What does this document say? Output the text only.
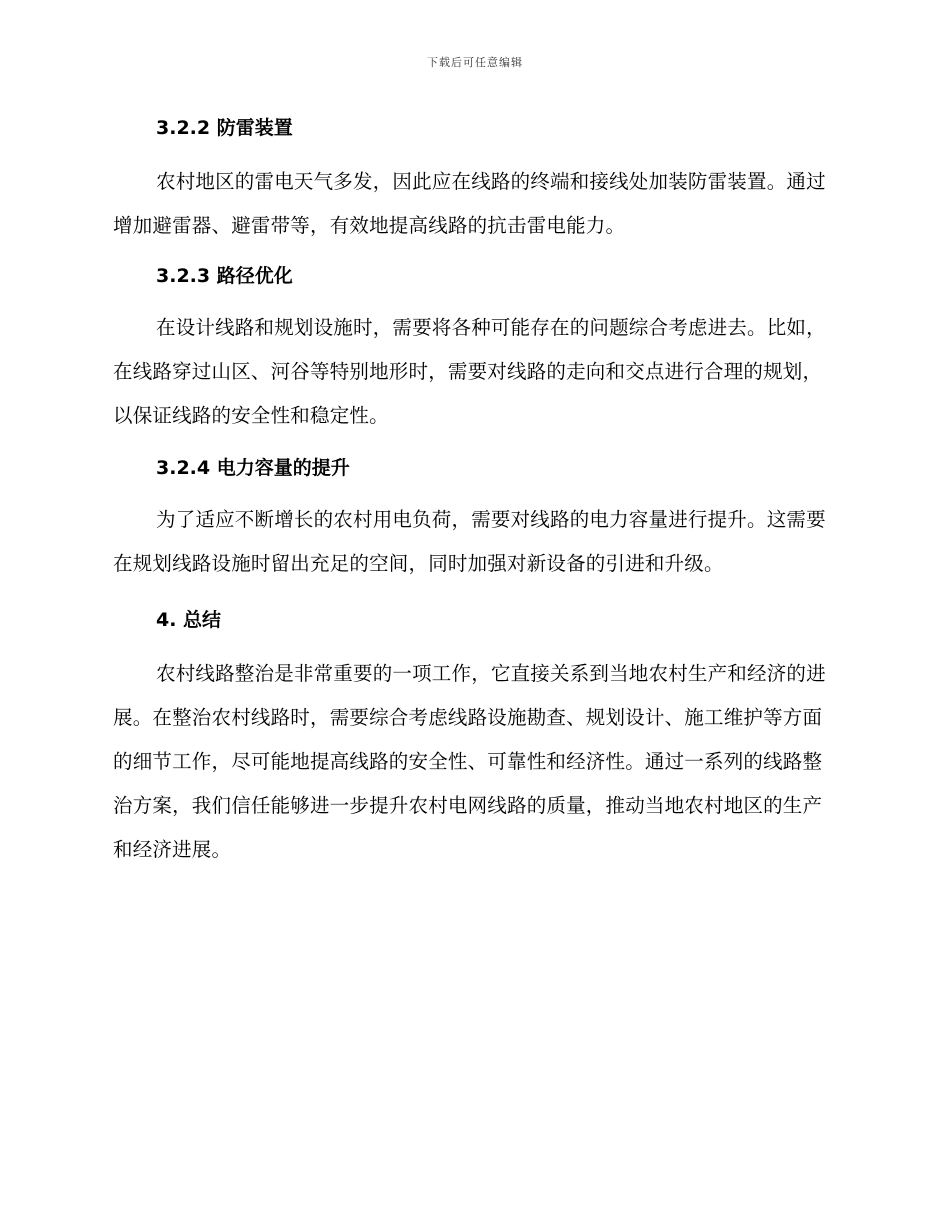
下载后可任意编辑
3.2.2 防雷装置

农村地区的雷电天气多发，因此应在线路的终端和接线处加装防雷装置。通过增加避雷器、避雷带等，有效地提高线路的抗击雷电能力。

3.2.3 路径优化

在设计线路和规划设施时，需要将各种可能存在的问题综合考虑进去。比如，在线路穿过山区、河谷等特别地形时，需要对线路的走向和交点进行合理的规划，以保证线路的安全性和稳定性。

3.2.4 电力容量的提升

为了适应不断增长的农村用电负荷，需要对线路的电力容量进行提升。这需要在规划线路设施时留出充足的空间，同时加强对新设备的引进和升级。

4. 总结

农村线路整治是非常重要的一项工作，它直接关系到当地农村生产和经济的进展。在整治农村线路时，需要综合考虑线路设施勘查、规划设计、施工维护等方面的细节工作，尽可能地提高线路的安全性、可靠性和经济性。通过一系列的线路整治方案，我们信任能够进一步提升农村电网线路的质量，推动当地农村地区的生产和经济进展。
